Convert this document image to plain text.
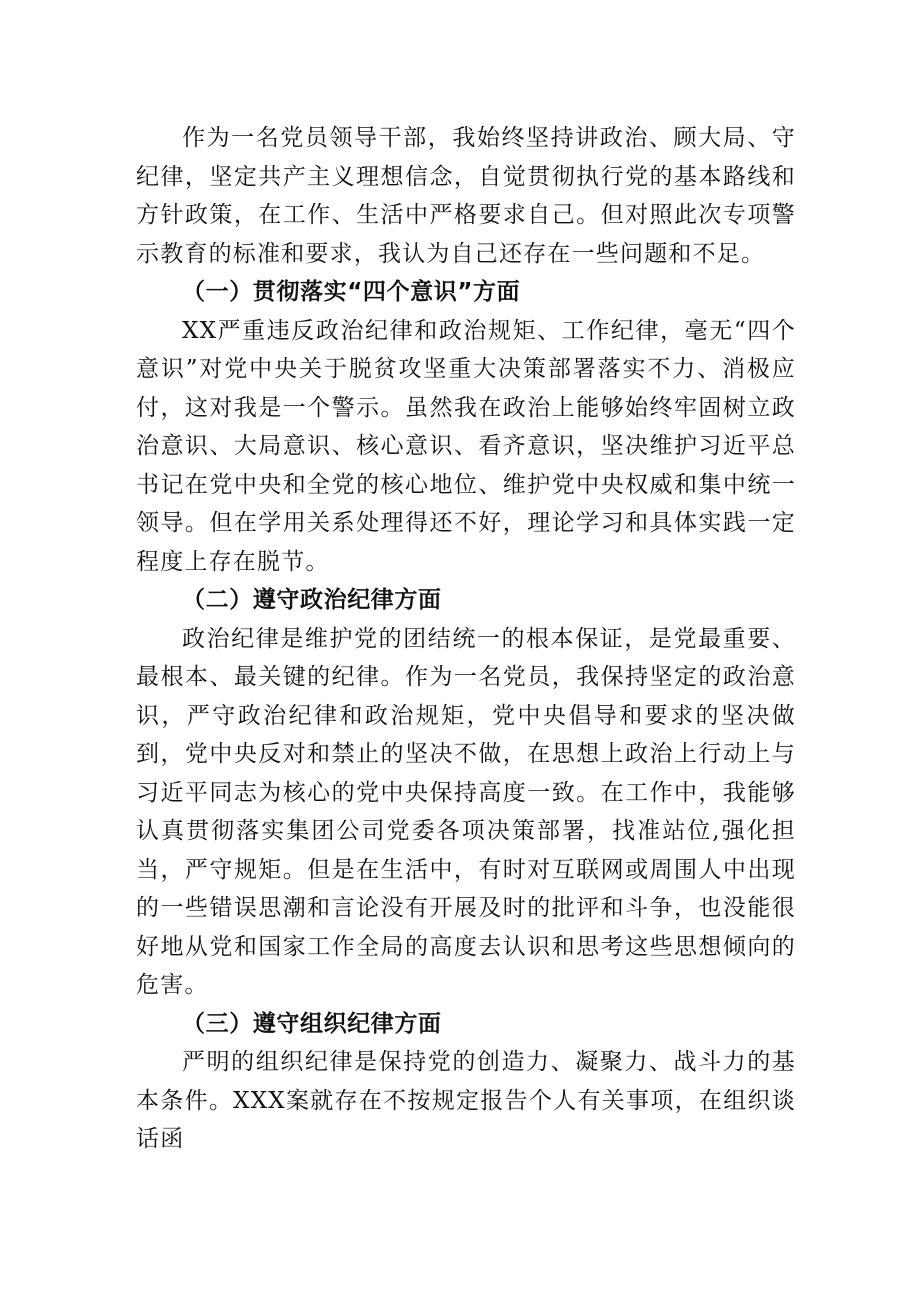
作为一名党员领导干部，我始终坚持讲政治、顾大局、守纪律，坚定共产主义理想信念，自觉贯彻执行党的基本路线和方针政策，在工作、生活中严格要求自己。但对照此次专项警示教育的标准和要求，我认为自己还存在一些问题和不足。

（一）贯彻落实“四个意识”方面

XX严重违反政治纪律和政治规矩、工作纪律，毫无“四个意识”对党中央关于脱贫攻坚重大决策部署落实不力、消极应付，这对我是一个警示。虽然我在政治上能够始终牢固树立政治意识、大局意识、核心意识、看齐意识，坚决维护习近平总书记在党中央和全党的核心地位、维护党中央权威和集中统一领导。但在学用关系处理得还不好，理论学习和具体实践一定程度上存在脱节。

（二）遵守政治纪律方面

政治纪律是维护党的团结统一的根本保证，是党最重要、最根本、最关键的纪律。作为一名党员，我保持坚定的政治意识，严守政治纪律和政治规矩，党中央倡导和要求的坚决做到，党中央反对和禁止的坚决不做，在思想上政治上行动上与习近平同志为核心的党中央保持高度一致。在工作中，我能够认真贯彻落实集团公司党委各项决策部署，找准站位,强化担当，严守规矩。但是在生活中，有时对互联网或周围人中出现的一些错误思潮和言论没有开展及时的批评和斗争，也没能很好地从党和国家工作全局的高度去认识和思考这些思想倾向的危害。

（三）遵守组织纪律方面

严明的组织纪律是保持党的创造力、凝聚力、战斗力的基本条件。XXX案就存在不按规定报告个人有关事项，在组织谈话函
